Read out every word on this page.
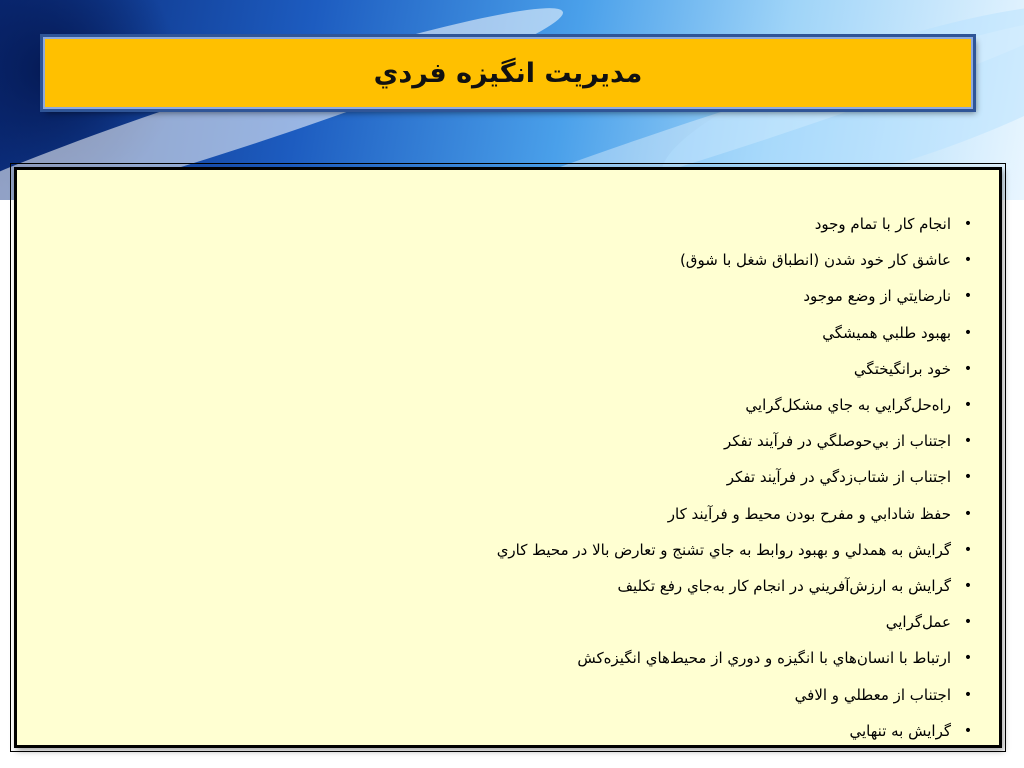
مديريت انگيزه فردي
•
انجام كار با تمام وجود
•
عاشق كار خود شدن (انطباق شغل با شوق)
•
نارضايتي از وضع موجود
•
بهبود طلبي هميشگي
•
خود برانگيختگي
•
راه‌حل‌گرايي به جاي مشكل‌گرايي
•
اجتناب از بي‌حوصلگي در فرآيند تفكر
•
اجتناب از شتاب‌زدگي در فرآيند تفكر
•
حفظ شادابي و مفرح بودن محيط و فرآيند كار
•
گرايش به همدلي و بهبود روابط به جاي تشنج و تعارض بالا در محيط كاري
•
گرايش به ارزش‌آفريني در انجام كار به‌جاي رفع تكليف
•
عمل‌گرايي
•
ارتباط با انسان‌هاي با انگيزه و دوري از محيط‌هاي انگيزه‌كش
•
اجتناب از معطلي و الافي
•
گرايش به تنهايي
